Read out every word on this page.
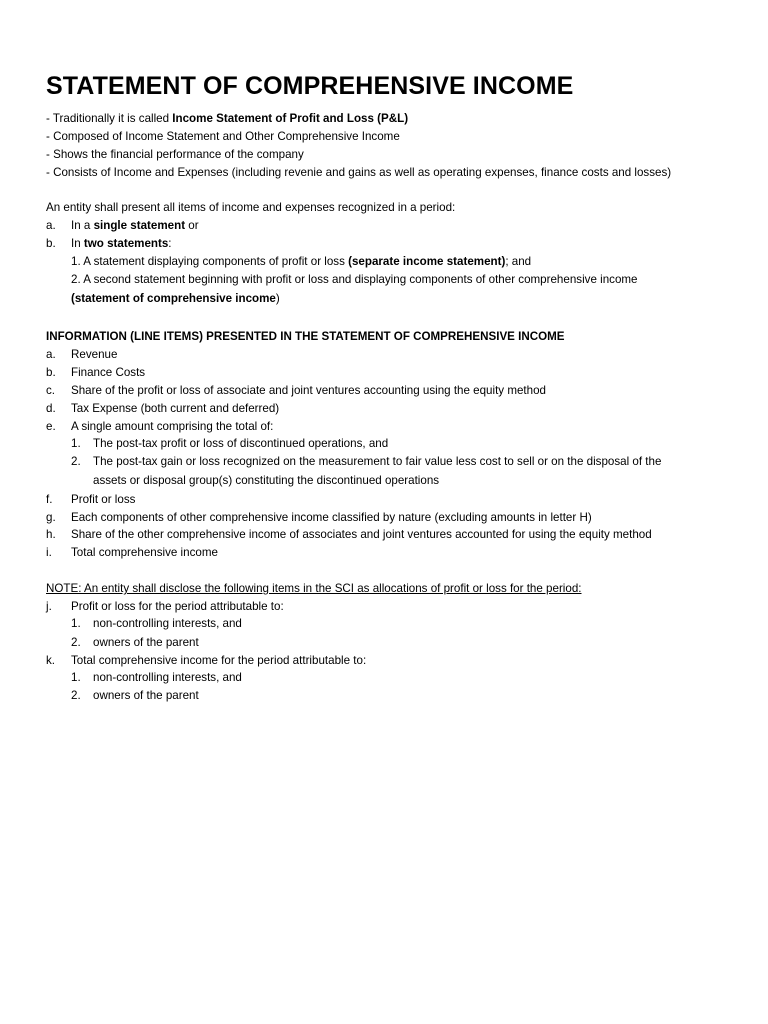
STATEMENT OF COMPREHENSIVE INCOME
- Traditionally it is called Income Statement of Profit and Loss (P&L)
- Composed of Income Statement and Other Comprehensive Income
- Shows the financial performance of the company
- Consists of Income and Expenses (including revenie and gains as well as operating expenses, finance costs and losses)
An entity shall present all items of income and expenses recognized in a period:
a. In a single statement or
b. In two statements:
1. A statement displaying components of profit or loss (separate income statement); and
2. A second statement beginning with profit or loss and displaying components of other comprehensive income
(statement of comprehensive income)
INFORMATION (LINE ITEMS) PRESENTED IN THE STATEMENT OF COMPREHENSIVE INCOME
a. Revenue
b. Finance Costs
c. Share of the profit or loss of associate and joint ventures accounting using the equity method
d. Tax Expense (both current and deferred)
e. A single amount comprising the total of:
1. The post-tax profit or loss of discontinued operations, and
2. The post-tax gain or loss recognized on the measurement to fair value less cost to sell or on the disposal of the
assets or disposal group(s) constituting the discontinued operations
f. Profit or loss
g. Each components of other comprehensive income classified by nature (excluding amounts in letter H)
h. Share of the other comprehensive income of associates and joint ventures accounted for using the equity method
i. Total comprehensive income
NOTE: An entity shall disclose the following items in the SCI as allocations of profit or loss for the period:
j. Profit or loss for the period attributable to:
1. non-controlling interests, and
2. owners of the parent
k. Total comprehensive income for the period attributable to:
1. non-controlling interests, and
2. owners of the parent
